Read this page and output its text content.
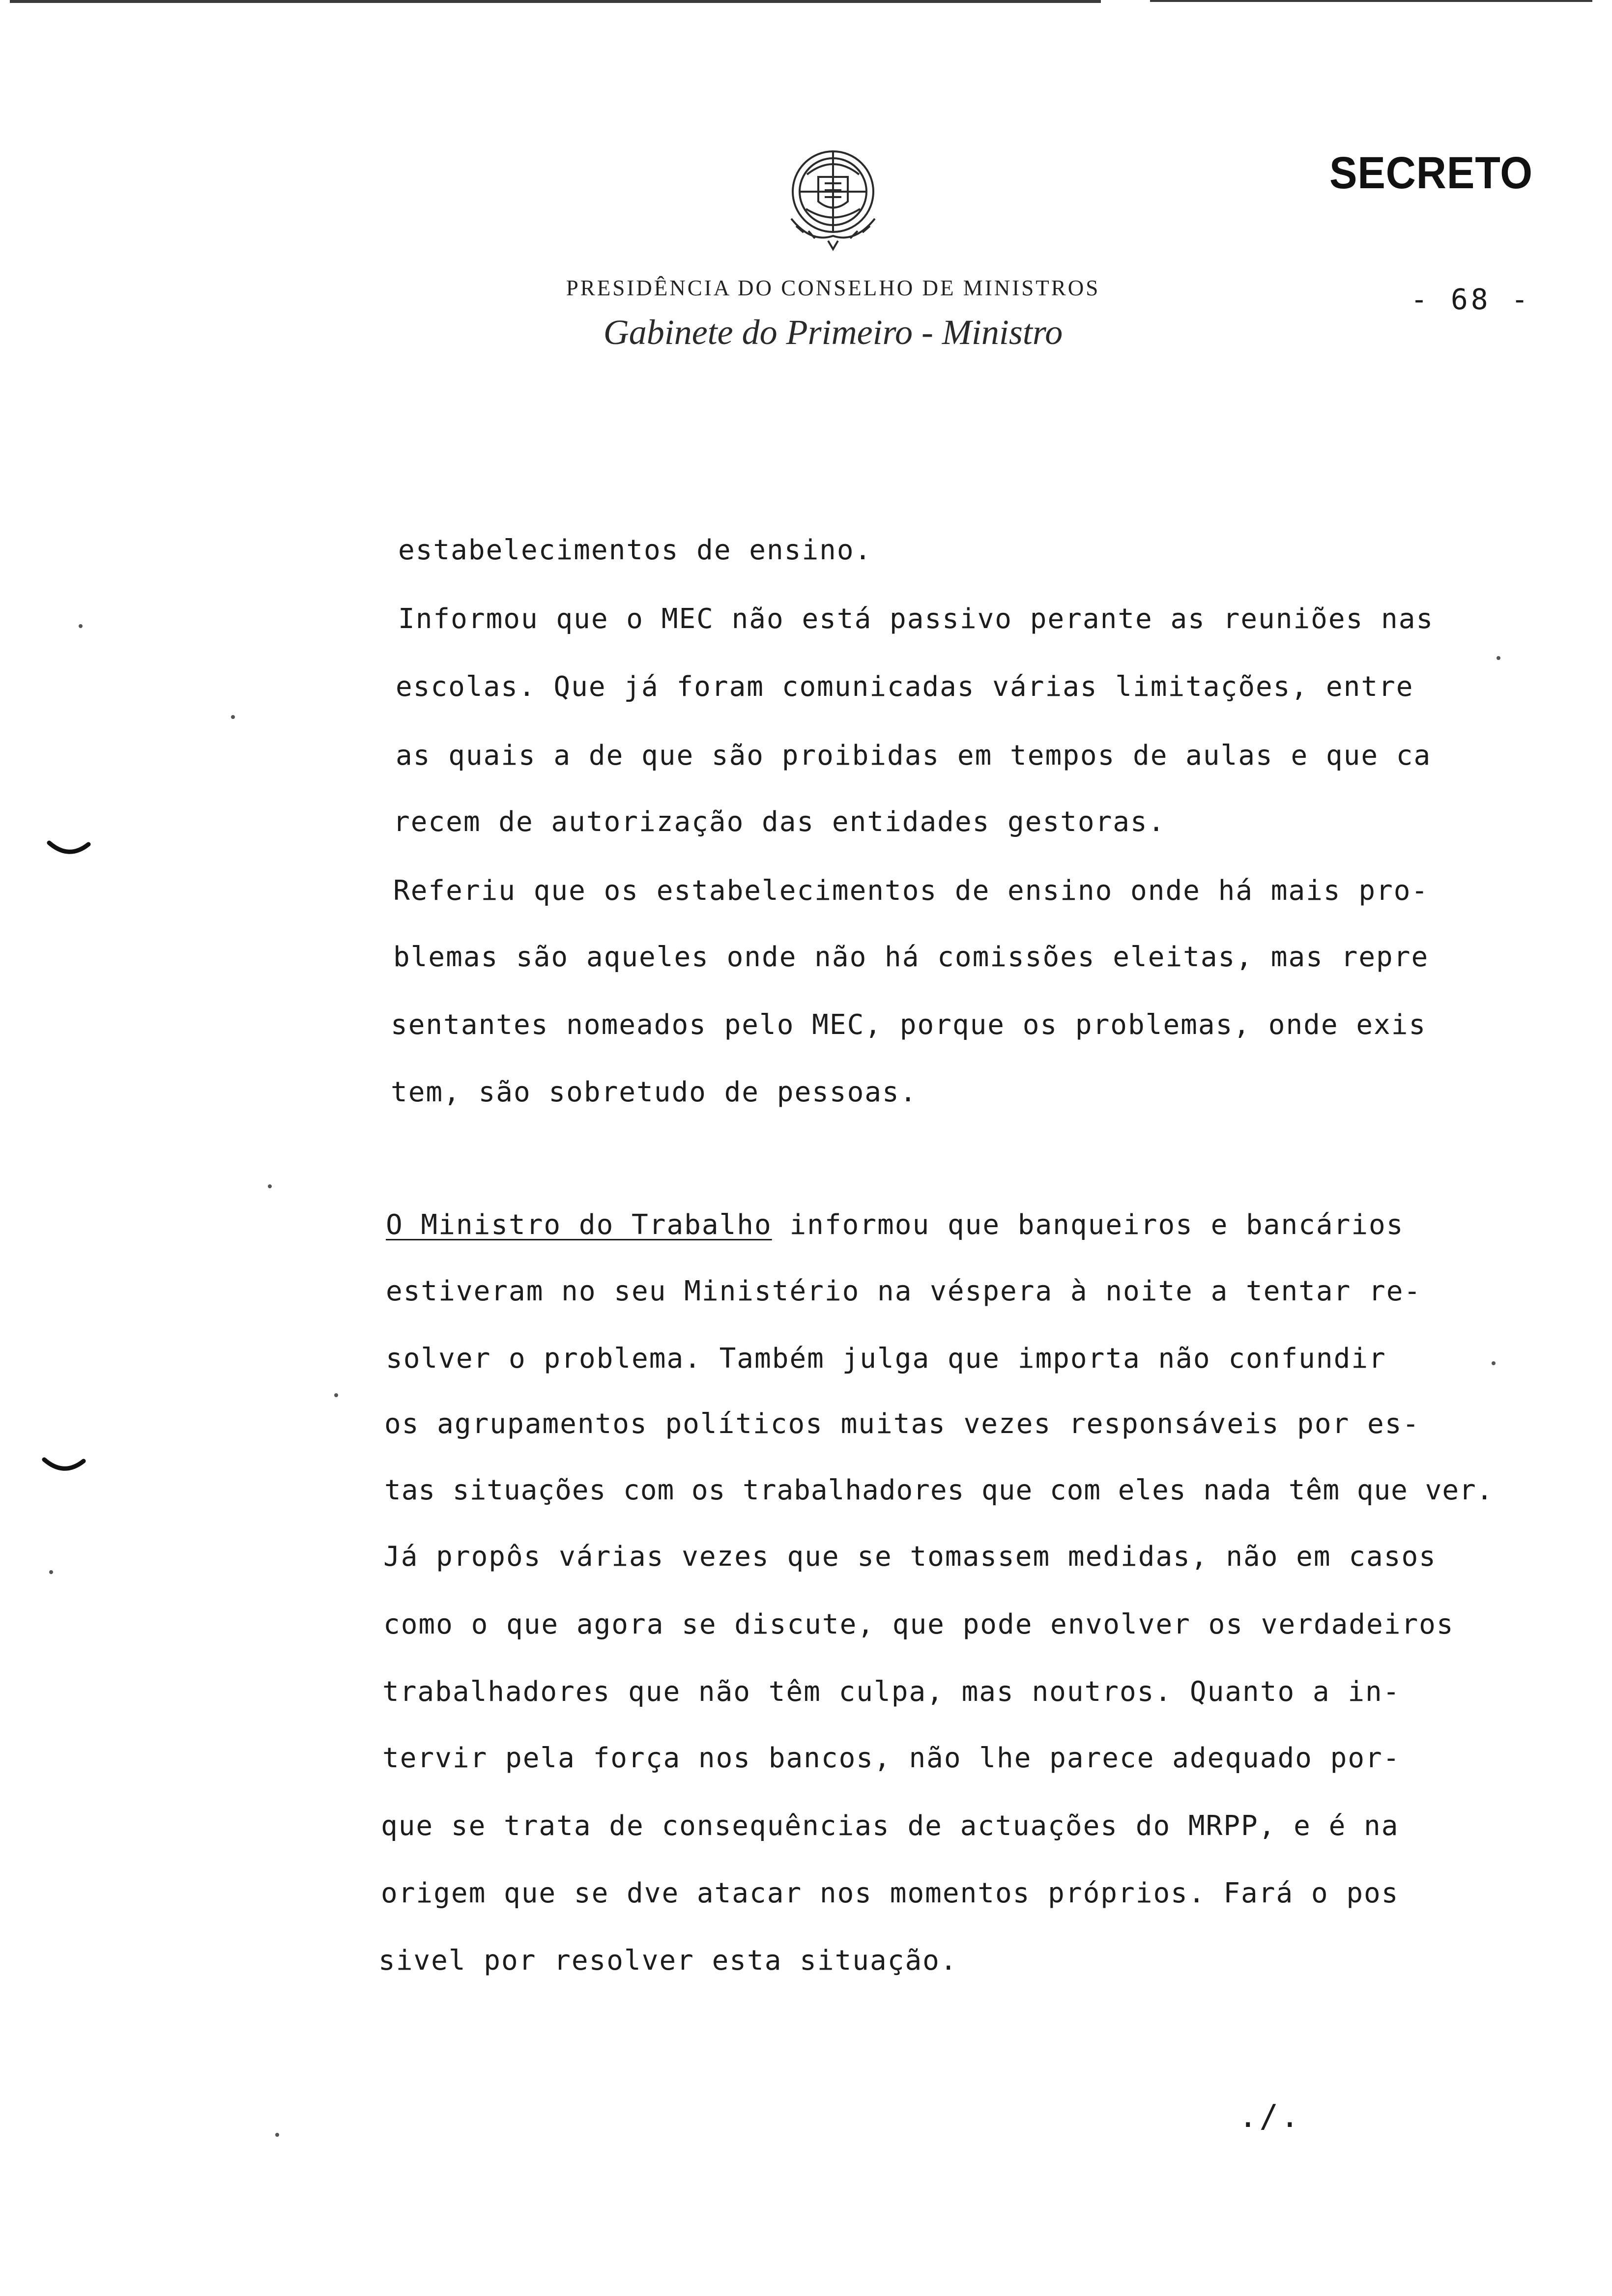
SECRETO
PRESIDÊNCIA DO CONSELHO DE MINISTROS
Gabinete do Primeiro - Ministro
- 68 -
estabelecimentos de ensino.
Informou que o MEC não está passivo perante as reuniões nas
escolas. Que já foram comunicadas várias limitações, entre
as quais a de que são proibidas em tempos de aulas e que ca
recem de autorização das entidades gestoras.
Referiu que os estabelecimentos de ensino onde há mais pro-
blemas são aqueles onde não há comissões eleitas, mas repre
sentantes nomeados pelo MEC, porque os problemas, onde exis
tem, são sobretudo de pessoas.
O Ministro do Trabalho informou que banqueiros e bancários
estiveram no seu Ministério na véspera à noite a tentar re-
solver o problema. Também julga que importa não confundir
os agrupamentos políticos muitas vezes responsáveis por es-
tas situações com os trabalhadores que com eles nada têm que ver.
Já propôs várias vezes que se tomassem medidas, não em casos
como o que agora se discute, que pode envolver os verdadeiros
trabalhadores que não têm culpa, mas noutros. Quanto a in-
tervir pela força nos bancos, não lhe parece adequado por-
que se trata de consequências de actuações do MRPP, e é na
origem que se dve atacar nos momentos próprios. Fará o pos
sivel por resolver esta situação.
./.
